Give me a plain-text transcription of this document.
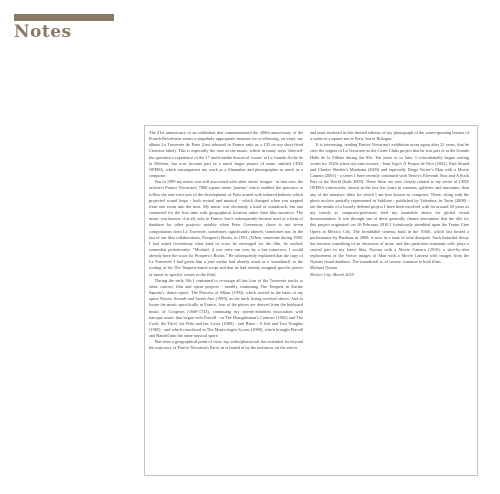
Notes

The 21st anniversary of an exhibition that commemorated the 200th anniversary of the French Revolution seems a singularly appropriate moment for re-releasing, on vinyl, my album La Traversée de Paris (first released in France only as a CD on my short-lived Criterion label). This is especially the case as the music, which in many ways 'directed' the spectator's experience of the 17 multi-media historical 'rooms' at La Grande Arche de la Défense, has now become part of a much larger project of mine, entitled CINE OPERA, which encompasses my work as a filmmaker and photographer as much as a composer.

But in 1989 my music was still associated with other artists' images - in that case, the architect Patrice Novarina's 7000 square metre 'journey' which enabled the spectator to follow the east-west axis of the development of Paris armed with infrared helmets which projected sound loops - both textual and musical - which changed when you stepped from one room into the next. My music was obviously a kind of soundtrack, but one connected for the first time with geographical location rather than film narrative. The music was known, if at all, only in France, but it subsequently became used as a form of database for other projects: notably when Peter Greenaway chose to use seven compositions from La Traversée, sometimes significantly altered, sometimes not, in the last of our film collaborations, Prospero's Books, in 1991. (When, sometime during 1990, I had asked Greenaway what kind of score he envisaged for the film, he replied, somewhat portentously: "Michael, if you were run over by a bus tomorrow, I would already have the score for Prospero's Books." He subsequently explained that the copy of La Traversée I had given him a year earlier had already acted as a 'soundtrack' to the writing of his The Tempest-based script and that he had already assigned specific pieces of music to specific scenes in the film).

During the early 90s I continued to re-assign all but four of the Traversée tracks to other concert, film and opera projects - notably continuing The Tempest in Karine Saporta's 'dance opera', The Princess of Milan (1992), which served as the basis of my opera Noises, Sounds and Sweet Airs (1993), as the track listing overleaf shows. And to locate the music specifically in France, four of the pieces are derived from the keyboard music of Couperin (1668-1733), continuing my openly-admitted association with baroque music that began with Purcell - in The Draughtsman's Contract (1982) and The Cook, the Thief, his Wife and her Lover (1989) - and Biber - A Zed and Two Noughts (1985) - and which resurfaced in The Musicologist Scores (2009), which brought Purcell and Handel into the same musical space.

But from a geographical point of view, my video/photowork has extended far beyond the trajectory of Patrice Novarina's Paris, as is hinted at by the inclusion, on the sleeve

and print enclosed in this limited edition, of my photograph of the water-spouting breasts of a statue in a square not in Paris, but in Bologna.

It is interesting, reading Patrice Novarina's exhibition notes again after 21 years, that he cites the origins of La Traversée as the Cinés-Clubs project that he was part of at the Grande Halle de la Villette during the 80s. Ten years or so later, I coincidentally began writing scores for 1920s silent city-zine movies - Jean Vigo's À Propos de Nice (2002), Paul Strand and Charles Sheeler's Manhatta (2003) and especially Dziga Vertov's Man with a Movie Camera (2001) - a series I have recently continued with Vertov's Eleventh Year and A Sixth Part of the World (both 2009). These films are now closely related to my series of CINE OPERA videoworks, shown in the last few years in cinemas, galleries and museums, than any of the narrative films for which I am best known as composer. These, along with the photo archive partially represented in Sublime - published by Valentina, in Turin (2008) - are the results of a loosely defined project I have been involved with for around 20 years as my travels as composer/performer feed my insatiable desire for global visual documentation. It was through one of these generally chance encounters that the title for this project originated: on 16 February 2010 I fortuitously stumbled upon the Teatro Cine Opera in Mexico City. The formidable cinema, built in the 1940s, which last hosted a performance by Bauhaus in 2000, is now in a state of total disrepair. Such beautiful decay has become something of an obsession of mine, and this particular cinematic relic plays a crucial part in my latest film, Nyman with a Movie Camera (2010), a shot-by-shot replacement of the Vertov images of Man with a Movie Camera with images from the Nyman visual database. The soundtrack is, of course, common to both films.

Michael Nyman

Mexico City, March 2010
